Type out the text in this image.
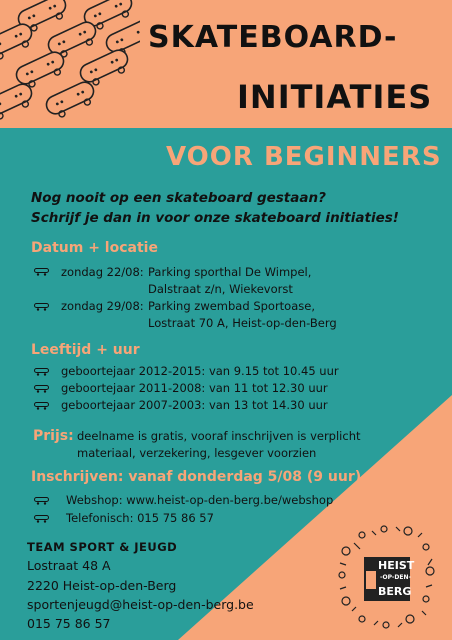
SKATEBOARD-
INITIATIES
VOOR BEGINNERS
Nog nooit op een skateboard gestaan?
Schrijf je dan in voor onze skateboard initiaties!
Datum + locatie
zondag 22/08: Parking sporthal De Wimpel,
Dalstraat z/n, Wiekevorst
zondag 29/08: Parking zwembad Sportoase,
Lostraat 70 A, Heist-op-den-Berg
Leeftijd + uur
geboortejaar 2012-2015: van 9.15 tot 10.45 uur
geboortejaar 2011-2008: van 11 tot 12.30 uur
geboortejaar 2007-2003: van 13 tot 14.30 uur
Prijs: deelname is gratis, vooraf inschrijven is verplicht
materiaal, verzekering, lesgever voorzien
Inschrijven: vanaf donderdag 5/08 (9 uur)
Webshop: www.heist-op-den-berg.be/webshop
Telefonisch: 015 75 86 57
TEAM SPORT & JEUGD
Lostraat 48 A
2220 Heist-op-den-Berg
sportenjeugd@heist-op-den-berg.be
015 75 86 57
HEIST
-OP-DEN-
BERG
